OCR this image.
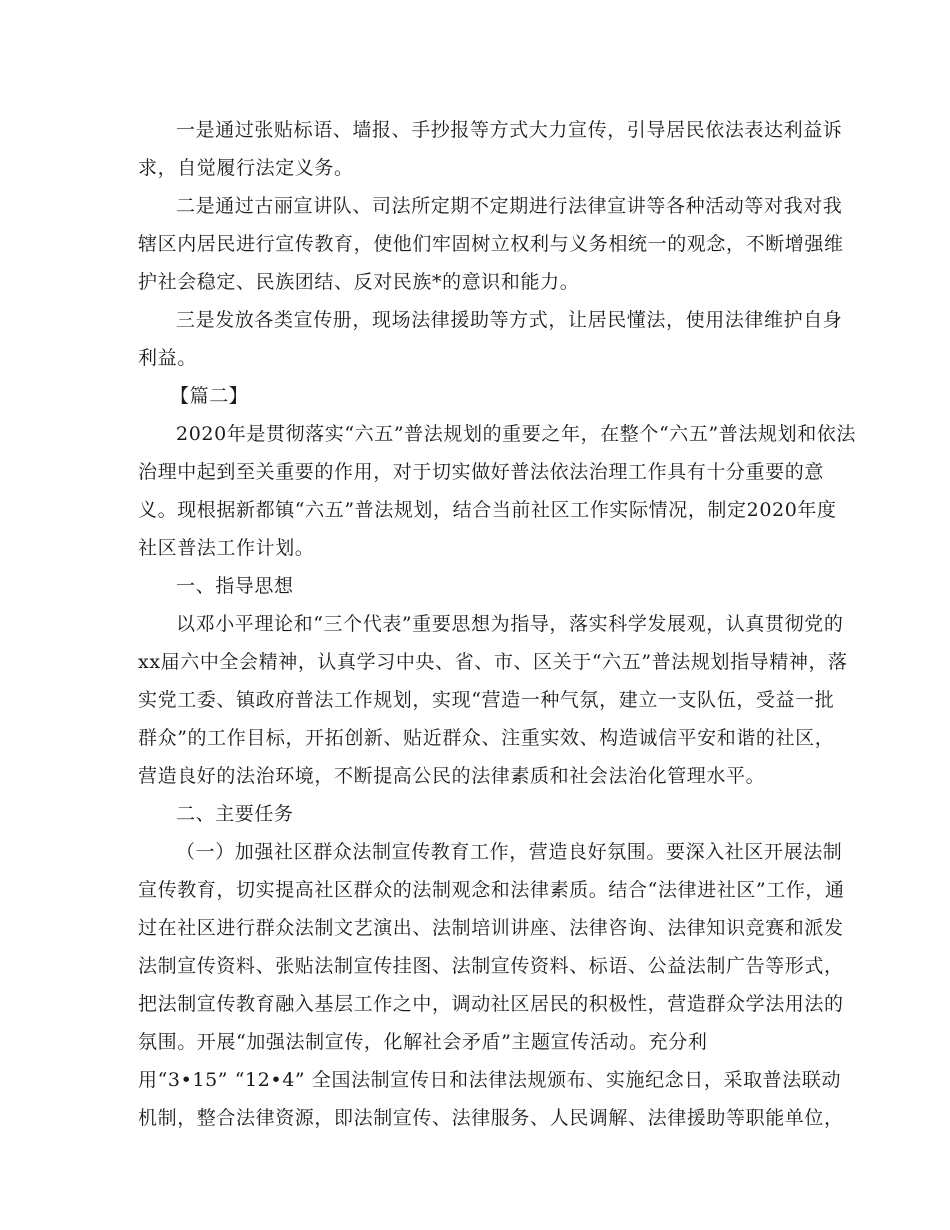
一是通过张贴标语、墙报、手抄报等方式大力宣传，引导居民依法表达利益诉
求，自觉履行法定义务。
二是通过古丽宣讲队、司法所定期不定期进行法律宣讲等各种活动等对我对我
辖区内居民进行宣传教育，使他们牢固树立权利与义务相统一的观念，不断增强维
护社会稳定、民族团结、反对民族*的意识和能力。
三是发放各类宣传册，现场法律援助等方式，让居民懂法，使用法律维护自身
利益。
【篇二】
2020年是贯彻落实“六五”普法规划的重要之年，在整个“六五”普法规划和依法
治理中起到至关重要的作用，对于切实做好普法依法治理工作具有十分重要的意
义。现根据新都镇“六五”普法规划，结合当前社区工作实际情况，制定2020年度
社区普法工作计划。
一、指导思想
以邓小平理论和“三个代表”重要思想为指导，落实科学发展观，认真贯彻党的
xx届六中全会精神，认真学习中央、省、市、区关于“六五”普法规划指导精神，落
实党工委、镇政府普法工作规划，实现“营造一种气氛，建立一支队伍，受益一批
群众”的工作目标，开拓创新、贴近群众、注重实效、构造诚信平安和谐的社区，
营造良好的法治环境，不断提高公民的法律素质和社会法治化管理水平。
二、主要任务
（一）加强社区群众法制宣传教育工作，营造良好氛围。要深入社区开展法制
宣传教育，切实提高社区群众的法制观念和法律素质。结合“法律进社区”工作，通
过在社区进行群众法制文艺演出、法制培训讲座、法律咨询、法律知识竞赛和派发
法制宣传资料、张贴法制宣传挂图、法制宣传资料、标语、公益法制广告等形式，
把法制宣传教育融入基层工作之中，调动社区居民的积极性，营造群众学法用法的
氛围。开展“加强法制宣传，化解社会矛盾”主题宣传活动。充分利
用“3•15” “12•4” 全国法制宣传日和法律法规颁布、实施纪念日，采取普法联动
机制，整合法律资源，即法制宣传、法律服务、人民调解、法律援助等职能单位，
